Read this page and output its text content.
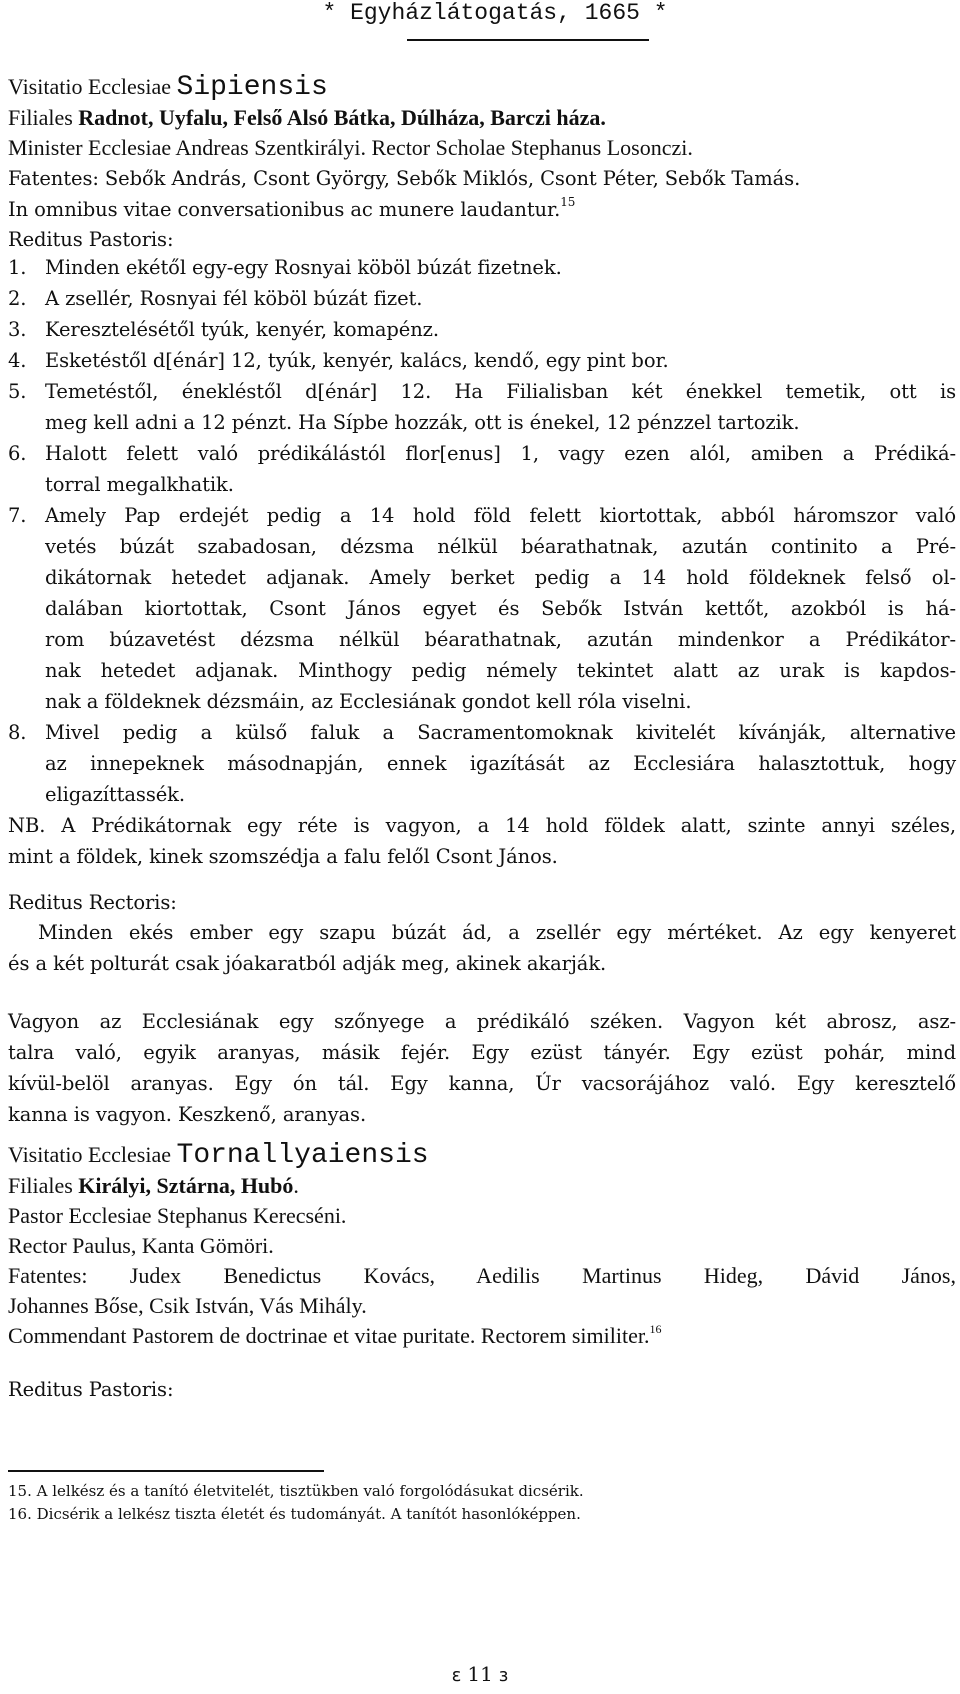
* Egyházlátogatás, 1665 *
Visitatio Ecclesiae Sipiensis
Filiales Radnot, Uyfalu, Felső Alsó Bátka, Dúlháza, Barczi háza.
Minister Ecclesiae Andreas Szentkirályi. Rector Scholae Stephanus Losonczi.
Fatentes: Sebők András, Csont György, Sebők Miklós, Csont Péter, Sebők Tamás.
In omnibus vitae conversationibus ac munere laudantur.$^{15}$
Reditus Pastoris:
1. Minden ekétől egy-egy Rosnyai köböl búzát fizetnek.
2. A zsellér, Rosnyai fél köböl búzát fizet.
3. Keresztelésétől tyúk, kenyér, komapénz.
4. Esketéstől d[énár] 12, tyúk, kenyér, kalács, kendő, egy pint bor.
5. Temetéstől, énekléstől d[énár] 12. Ha Filialisban két énekkel temetik, ott is
meg kell adni a 12 pénzt. Ha Sípbe hozzák, ott is énekel, 12 pénzzel tartozik.
6. Halott felett való prédikálástól flor[enus] 1, vagy ezen alól, amiben a Prédiká-
torral megalkhatik.
7. Amely Pap erdejét pedig a 14 hold föld felett kiortottak, abból háromszor való
vetés búzát szabadosan, dézsma nélkül béarathatnak, azután continito a Pré-
dikátornak hetedet adjanak. Amely berket pedig a 14 hold földeknek felső ol-
dalában kiortottak, Csont János egyet és Sebők István kettőt, azokból is há-
rom búzavetést dézsma nélkül béarathatnak, azután mindenkor a Prédikátor-
nak hetedet adjanak. Minthogy pedig némely tekintet alatt az urak is kapdos-
nak a földeknek dézsmáin, az Ecclesiának gondot kell róla viselni.
8. Mivel pedig a külső faluk a Sacramentomoknak kivitelét kívánják, alternative
az innepeknek másodnapján, ennek igazítását az Ecclesiára halasztottuk, hogy
eligazíttassék.
NB. A Prédikátornak egy réte is vagyon, a 14 hold földek alatt, szinte annyi széles,
mint a földek, kinek szomszédja a falu felől Csont János.
Reditus Rectoris:
Minden ekés ember egy szapu búzát ád, a zsellér egy mértéket. Az egy kenyeret
és a két polturát csak jóakaratból adják meg, akinek akarják.
Vagyon az Ecclesiának egy szőnyege a prédikáló széken. Vagyon két abrosz, asz-
talra való, egyik aranyas, másik fejér. Egy ezüst tányér. Egy ezüst pohár, mind
kívül-belöl aranyas. Egy ón tál. Egy kanna, Úr vacsorájához való. Egy keresztelő
kanna is vagyon. Keszkenő, aranyas.
Visitatio Ecclesiae Tornallyaiensis
Filiales Királyi, Sztárna, Hubó.
Pastor Ecclesiae Stephanus Kerecséni.
Rector Paulus, Kanta Gömöri.
Fatentes: Judex Benedictus Kovács, Aedilis Martinus Hideg, Dávid János,
Johannes Bőse, Csik István, Vás Mihály.
Commendant Pastorem de doctrinae et vitae puritate. Rectorem similiter.$^{16}$
Reditus Pastoris:
15. A lelkész és a tanító életvitelét, tisztükben való forgolódásukat dicsérik.
16. Dicsérik a lelkész tiszta életét és tudományát. A tanítót hasonlóképpen.
ɛ 11 ɜ
